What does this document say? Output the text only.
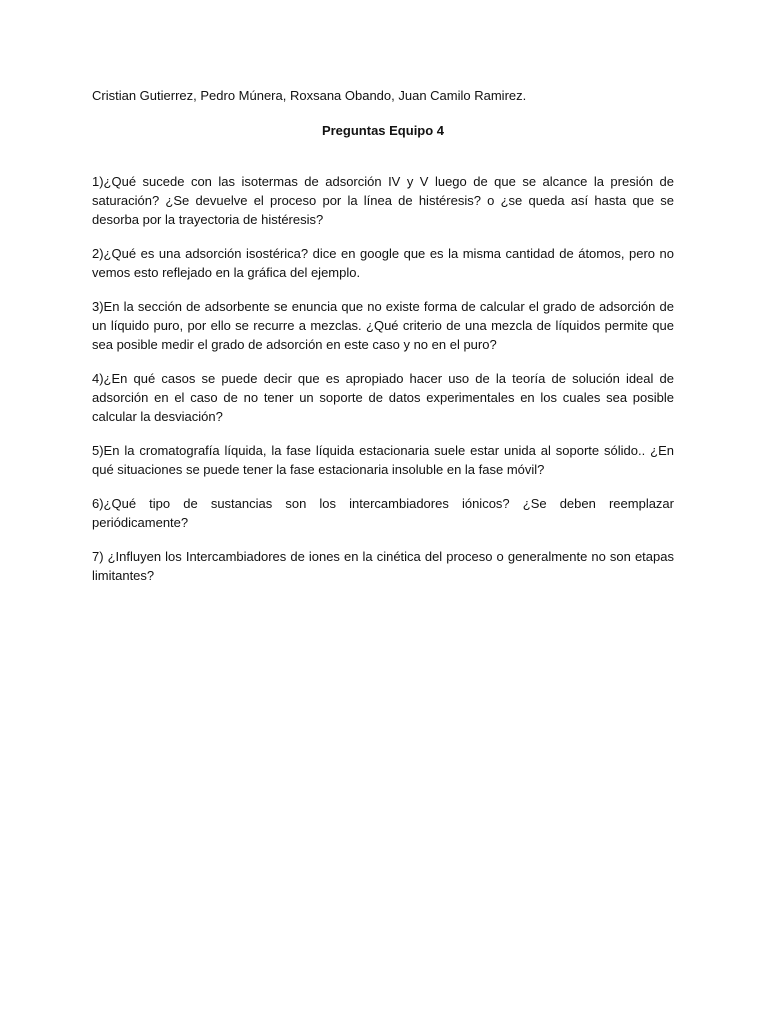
Cristian Gutierrez, Pedro Múnera, Roxsana Obando, Juan Camilo Ramirez.

Preguntas Equipo 4

1)¿Qué sucede con las isotermas de adsorción IV y V luego de que se alcance la presión de saturación? ¿Se devuelve el proceso por la línea de histéresis? o ¿se queda así hasta que se desorba por la trayectoria de histéresis?

2)¿Qué es una adsorción isostérica? dice en google que es la misma cantidad de átomos, pero no vemos esto reflejado en la gráfica del ejemplo.

3)En la sección de adsorbente se enuncia que no existe forma de calcular el grado de adsorción de un líquido puro, por ello se recurre a mezclas. ¿Qué criterio de una mezcla de líquidos permite que sea posible medir el grado de adsorción en este caso y no en el puro?

4)¿En qué casos se puede decir que es apropiado hacer uso de la teoría de solución ideal de adsorción en el caso de no tener un soporte de datos experimentales en los cuales sea posible calcular la desviación?

5)En la cromatografía líquida, la fase líquida estacionaria suele estar unida al soporte sólido.. ¿En qué situaciones se puede tener la fase estacionaria insoluble en la fase móvil?

6)¿Qué tipo de sustancias son los intercambiadores iónicos? ¿Se deben reemplazar periódicamente?

7) ¿Influyen los Intercambiadores de iones en la cinética del proceso o generalmente no son etapas limitantes?
